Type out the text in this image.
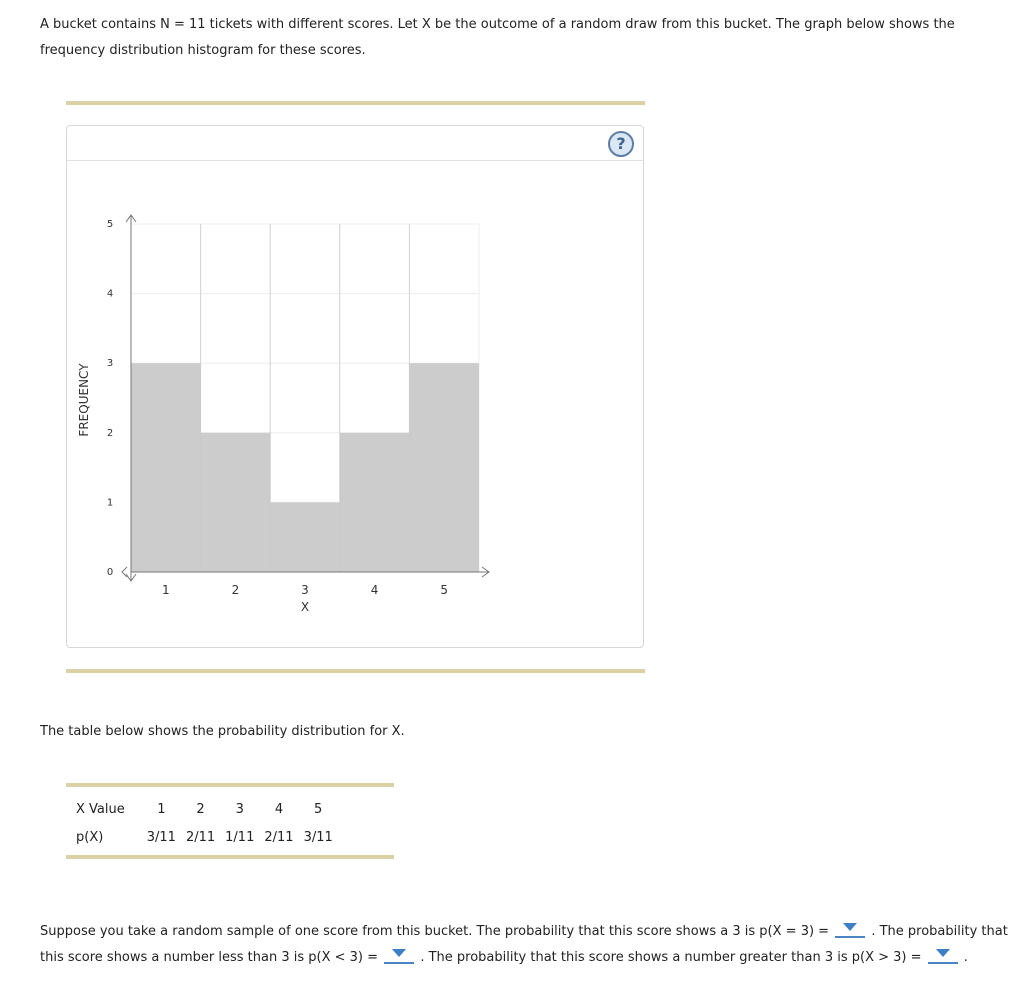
A bucket contains N = 11 tickets with different scores. Let X be the outcome of a random draw from this bucket. The graph below shows the frequency distribution histogram for these scores.
?
0
1
2
3
4
5
1	2	3	4	5
X
FREQUENCY
The table below shows the probability distribution for X.
X Value	1	2	3	4	5
p(X)	3/11	2/11	1/11	2/11	3/11
Suppose you take a random sample of one score from this bucket. The probability that this score shows a 3 is p(X = 3) =	. The probability that this score shows a number less than 3 is p(X < 3) =	. The probability that this score shows a number greater than 3 is p(X > 3) =	.
